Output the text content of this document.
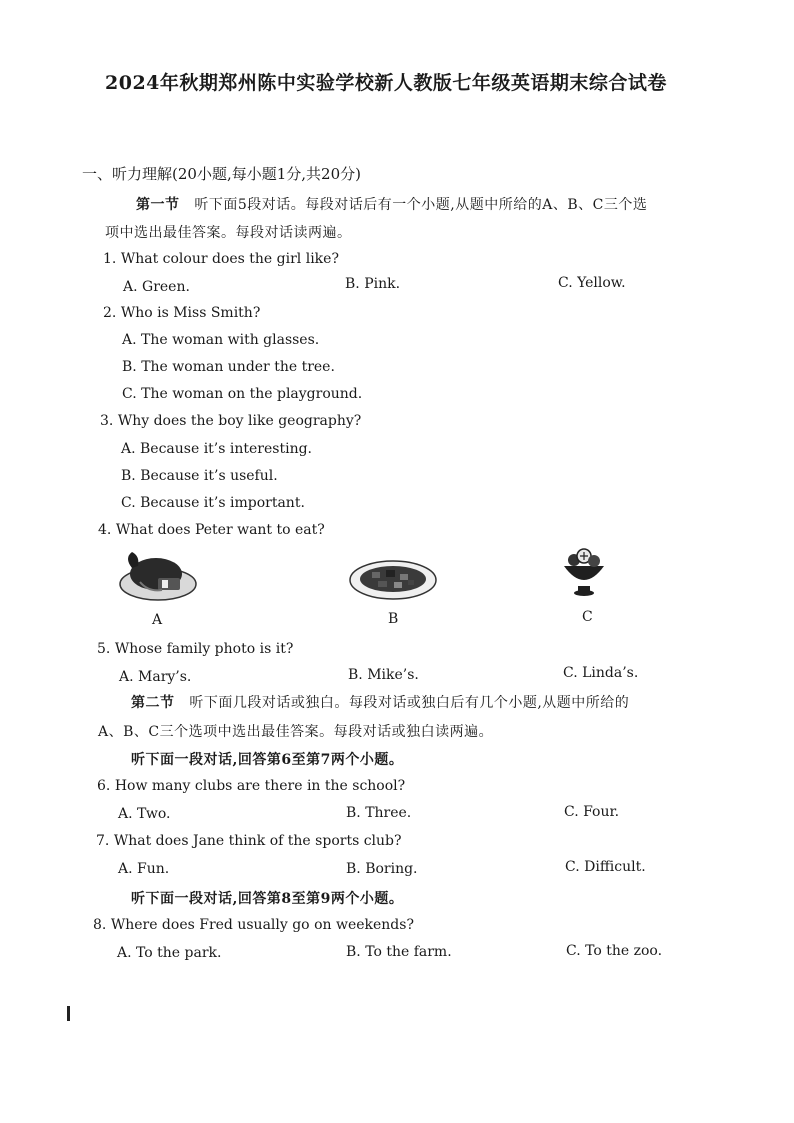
2024年秋期郑州陈中实验学校新人教版七年级英语期末综合试卷
一、听力理解(20小题,每小题1分,共20分)
第一节 听下面5段对话。每段对话后有一个小题,从题中所给的A、B、C三个选
项中选出最佳答案。每段对话读两遍。
1. What colour does the girl like?
A. Green.	B. Pink.	C. Yellow.
2. Who is Miss Smith?
A. The woman with glasses.
B. The woman under the tree.
C. The woman on the playground.
3. Why does the boy like geography?
A. Because it’s interesting.
B. Because it’s useful.
C. Because it’s important.
4. What does Peter want to eat?
A	B	C
5. Whose family photo is it?
A. Mary’s.	B. Mike’s.	C. Linda’s.
第二节 听下面几段对话或独白。每段对话或独白后有几个小题,从题中所给的
A、B、C三个选项中选出最佳答案。每段对话或独白读两遍。
听下面一段对话,回答第6至第7两个小题。
6. How many clubs are there in the school?
A. Two.	B. Three.	C. Four.
7. What does Jane think of the sports club?
A. Fun.	B. Boring.	C. Difficult.
听下面一段对话,回答第8至第9两个小题。
8. Where does Fred usually go on weekends?
A. To the park.	B. To the farm.	C. To the zoo.
